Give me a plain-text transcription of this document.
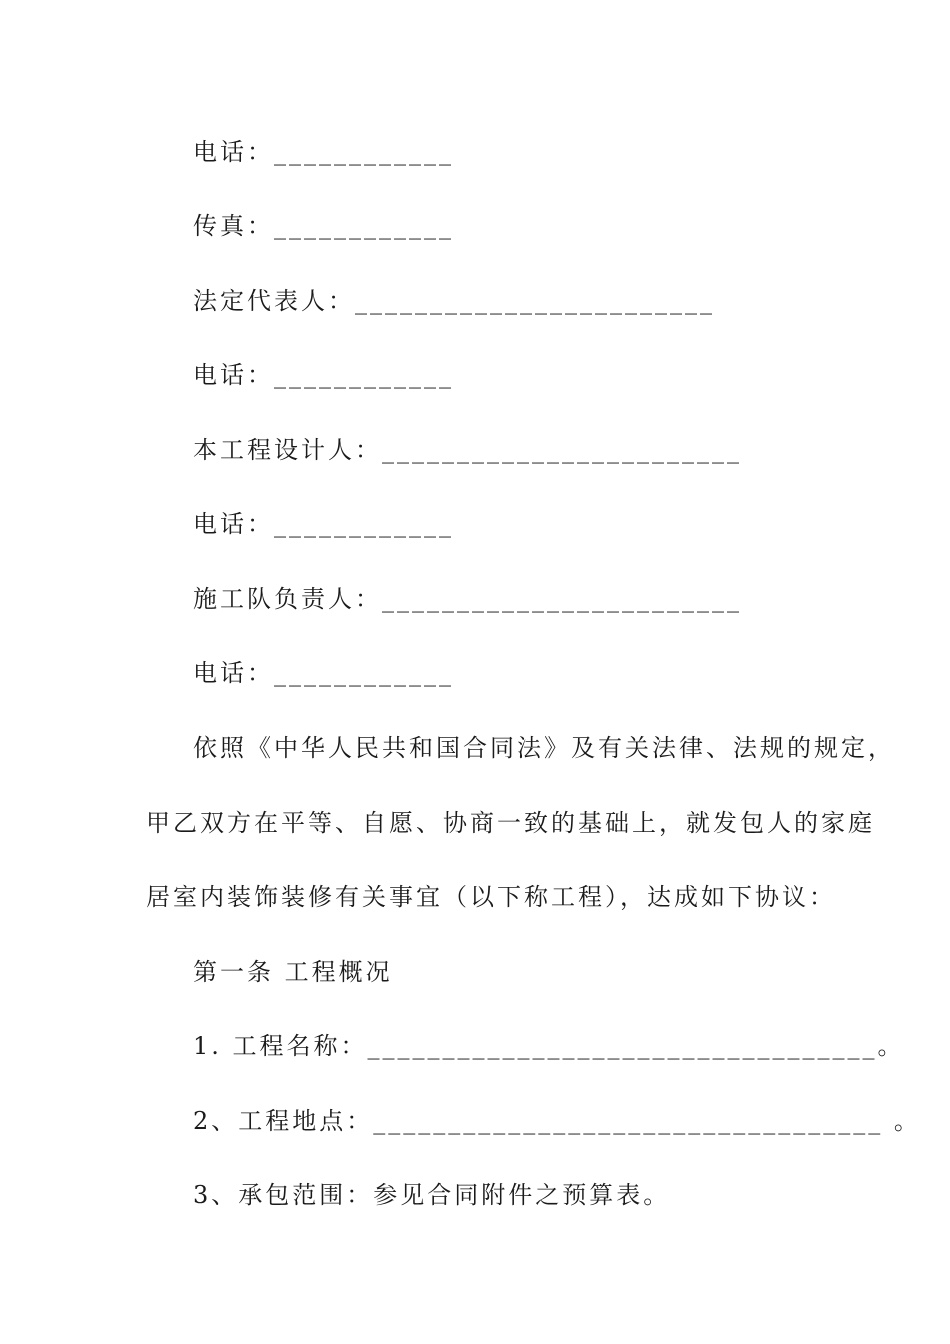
电话：____________
传真：____________
法定代表人：________________________
电话：____________
本工程设计人：________________________
电话：____________
施工队负责人：________________________
电话：____________
依照《中华人民共和国合同法》及有关法律、法规的规定，
甲乙双方在平等、自愿、协商一致的基础上，就发包人的家庭
居室内装饰装修有关事宜（以下称工程），达成如下协议：
第一条 工程概况
1. 工程名称：__________________________________。
2、工程地点：__________________________________ 。
3、承包范围：参见合同附件之预算表。
